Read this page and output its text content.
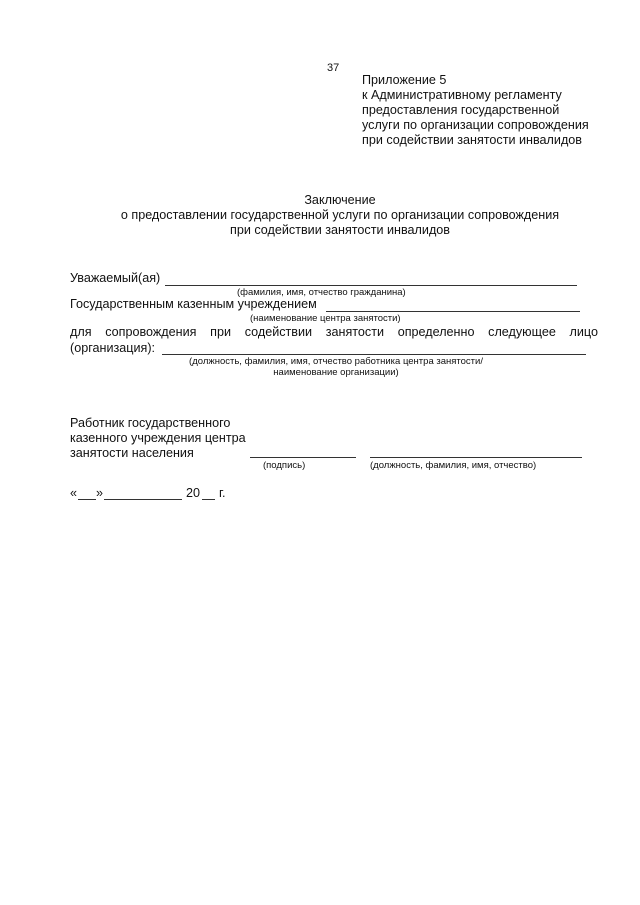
37
Приложение 5
к Административному регламенту
предоставления государственной
услуги по организации сопровождения
при содействии занятости инвалидов
Заключение
о предоставлении государственной услуги по организации сопровождения
при содействии занятости инвалидов
Уважаемый(ая)
(фамилия, имя, отчество гражданина)
Государственным казенным учреждением
(наименование центра занятости)
для сопровождения при содействии занятости определенно следующее лицо
(организация):
(должность, фамилия, имя, отчество работника центра занятости/
наименование организации)
Работник государственного
казенного учреждения центра
занятости населения
(подпись)	(должность, фамилия, имя, отчество)
« »	20 г.
